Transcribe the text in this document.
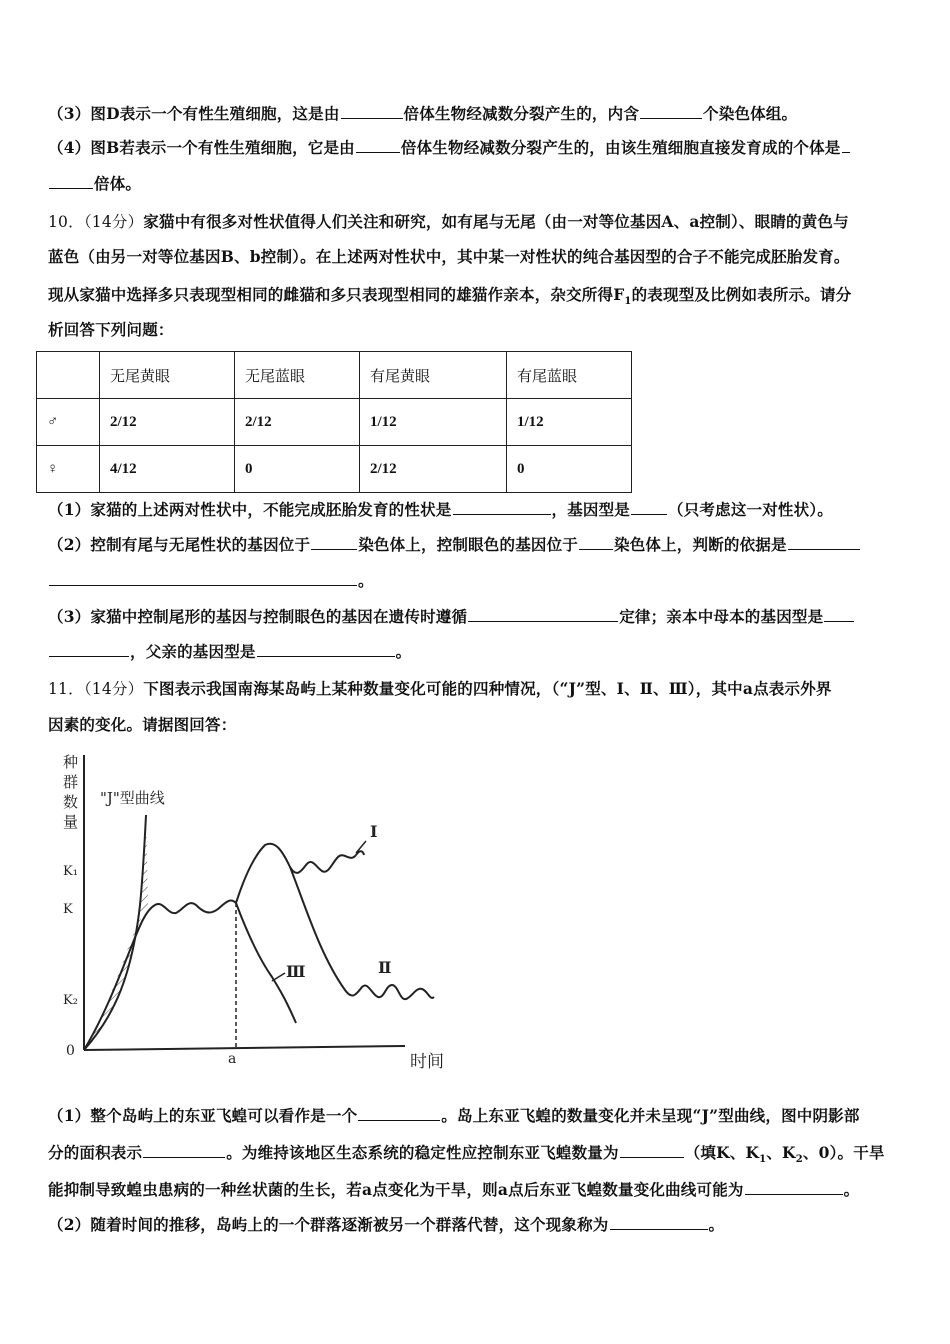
（3）图D表示一个有性生殖细胞，这是由	倍体生物经减数分裂产生的，内含	个染色体组。
（4）图B若表示一个有性生殖细胞，它是由	倍体生物经减数分裂产生的，由该生殖细胞直接发育成的个体是
倍体。
10．（14分）家猫中有很多对性状值得人们关注和研究，如有尾与无尾（由一对等位基因A、a控制）、眼睛的黄色与
蓝色（由另一对等位基因B、b控制）。在上述两对性状中，其中某一对性状的纯合基因型的合子不能完成胚胎发育。
现从家猫中选择多只表现型相同的雌猫和多只表现型相同的雄猫作亲本，杂交所得$F_1$的表现型及比例如表所示。请分
析回答下列问题：
	无尾黄眼	无尾蓝眼	有尾黄眼	有尾蓝眼
♂	2/12	2/12	1/12	1/12
♀	4/12	0	2/12	0
（1）家猫的上述两对性状中，不能完成胚胎发育的性状是	，基因型是 （只考虑这一对性状）。
（2）控制有尾与无尾性状的基因位于	染色体上，控制眼色的基因位于 染色体上，判断的依据是
。
（3）家猫中控制尾形的基因与控制眼色的基因在遗传时遵循	定律；亲本中母本的基因型是
，父亲的基因型是	。
11．（14分）下图表示我国南海某岛屿上某种数量变化可能的四种情况，（“J”型、Ⅰ、Ⅱ、Ⅲ），其中a点表示外界
因素的变化。请据图回答：
种
群
数
量
K₁
K
K₂
0	a	时间
"J"型曲线
Ⅰ
Ⅱ
Ⅲ
（1）整个岛屿上的东亚飞蝗可以看作是一个	。岛上东亚飞蝗的数量变化并未呈现“J”型曲线，图中阴影部
分的面积表示	。为维持该地区生态系统的稳定性应控制东亚飞蝗数量为	（填K、$K_1$、$K_2$、0）。干旱
能抑制导致蝗虫患病的一种丝状菌的生长，若a点变化为干旱，则a点后东亚飞蝗数量变化曲线可能为	。
（2）随着时间的推移，岛屿上的一个群落逐渐被另一个群落代替，这个现象称为	。
